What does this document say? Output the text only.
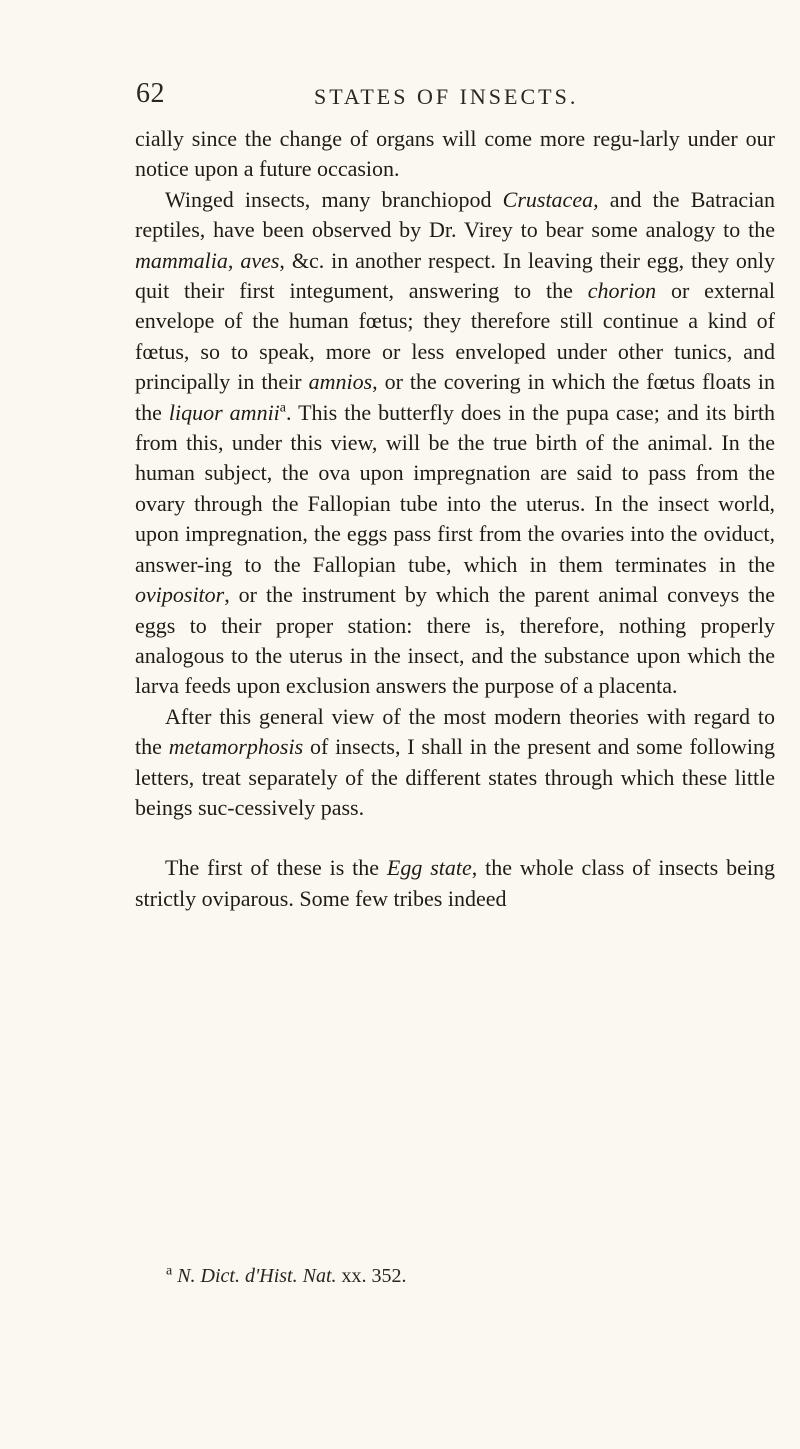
62	STATES OF INSECTS.

cially since the change of organs will come more regu-larly under our notice upon a future occasion.

Winged insects, many branchiopod Crustacea, and the Batracian reptiles, have been observed by Dr. Virey to bear some analogy to the mammalia, aves, &c. in another respect. In leaving their egg, they only quit their first integument, answering to the chorion or external envelope of the human fœtus; they therefore still continue a kind of fœtus, so to speak, more or less enveloped under other tunics, and principally in their amnios, or the covering in which the fœtus floats in the liquor amnii$^a$. This the butterfly does in the pupa case; and its birth from this, under this view, will be the true birth of the animal. In the human subject, the ova upon impregnation are said to pass from the ovary through the Fallopian tube into the uterus. In the insect world, upon impregnation, the eggs pass first from the ovaries into the oviduct, answer-ing to the Fallopian tube, which in them terminates in the ovipositor, or the instrument by which the parent animal conveys the eggs to their proper station: there is, therefore, nothing properly analogous to the uterus in the insect, and the substance upon which the larva feeds upon exclusion answers the purpose of a placenta.

After this general view of the most modern theories with regard to the metamorphosis of insects, I shall in the present and some following letters, treat separately of the different states through which these little beings suc-cessively pass.

The first of these is the Egg state, the whole class of insects being strictly oviparous. Some few tribes indeed

$^a$ N. Dict. d'Hist. Nat. xx. 352.
